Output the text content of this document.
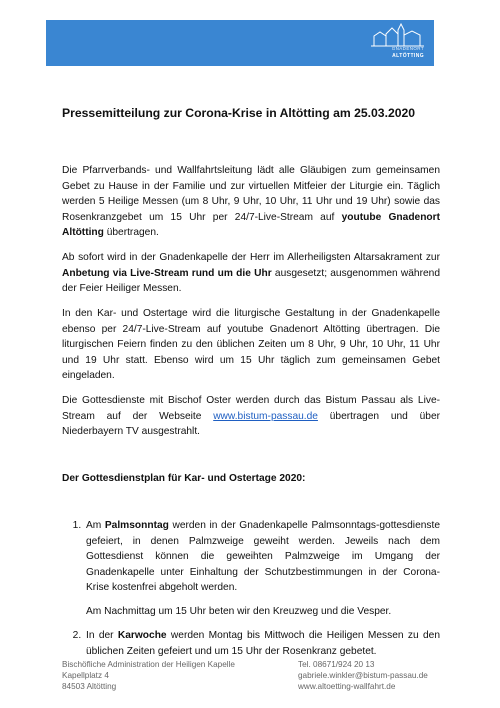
GNADENORT
ALTÖTTING
Pressemitteilung zur Corona-Krise in Altötting am 25.03.2020

Die Pfarrverbands- und Wallfahrtsleitung lädt alle Gläubigen zum gemeinsamen Gebet zu Hause in der Familie und zur virtuellen Mitfeier der Liturgie ein. Täglich werden 5 Heilige Messen (um 8 Uhr, 9 Uhr, 10 Uhr, 11 Uhr und 19 Uhr) sowie das Rosenkranzgebet um 15 Uhr per 24/7-Live-Stream auf youtube Gnadenort Altötting übertragen.

Ab sofort wird in der Gnadenkapelle der Herr im Allerheiligsten Altarsakrament zur Anbetung via Live-Stream rund um die Uhr ausgesetzt; ausgenommen während der Feier Heiliger Messen.

In den Kar- und Ostertage wird die liturgische Gestaltung in der Gnadenkapelle ebenso per 24/7-Live-Stream auf youtube Gnadenort Altötting übertragen. Die liturgischen Feiern finden zu den üblichen Zeiten um 8 Uhr, 9 Uhr, 10 Uhr, 11 Uhr und 19 Uhr statt. Ebenso wird um 15 Uhr täglich zum gemeinsamen Gebet eingeladen.

Die Gottesdienste mit Bischof Oster werden durch das Bistum Passau als Live-Stream auf der Webseite www.bistum-passau.de übertragen und über Niederbayern TV ausgestrahlt.

Der Gottesdienstplan für Kar- und Ostertage 2020:

1. Am Palmsonntag werden in der Gnadenkapelle Palmsonntags-gottesdienste gefeiert, in denen Palmzweige geweiht werden. Jeweils nach dem Gottesdienst können die geweihten Palmzweige im Umgang der Gnadenkapelle unter Einhaltung der Schutzbestimmungen in der Corona-Krise kostenfrei abgeholt werden.

Am Nachmittag um 15 Uhr beten wir den Kreuzweg und die Vesper.

2. In der Karwoche werden Montag bis Mittwoch die Heiligen Messen zu den üblichen Zeiten gefeiert und um 15 Uhr der Rosenkranz gebetet.
Bischöfliche Administration der Heiligen Kapelle
Kapellplatz 4
84503 Altötting
Tel. 08671/924 20 13
gabriele.winkler@bistum-passau.de
www.altoetting-wallfahrt.de
